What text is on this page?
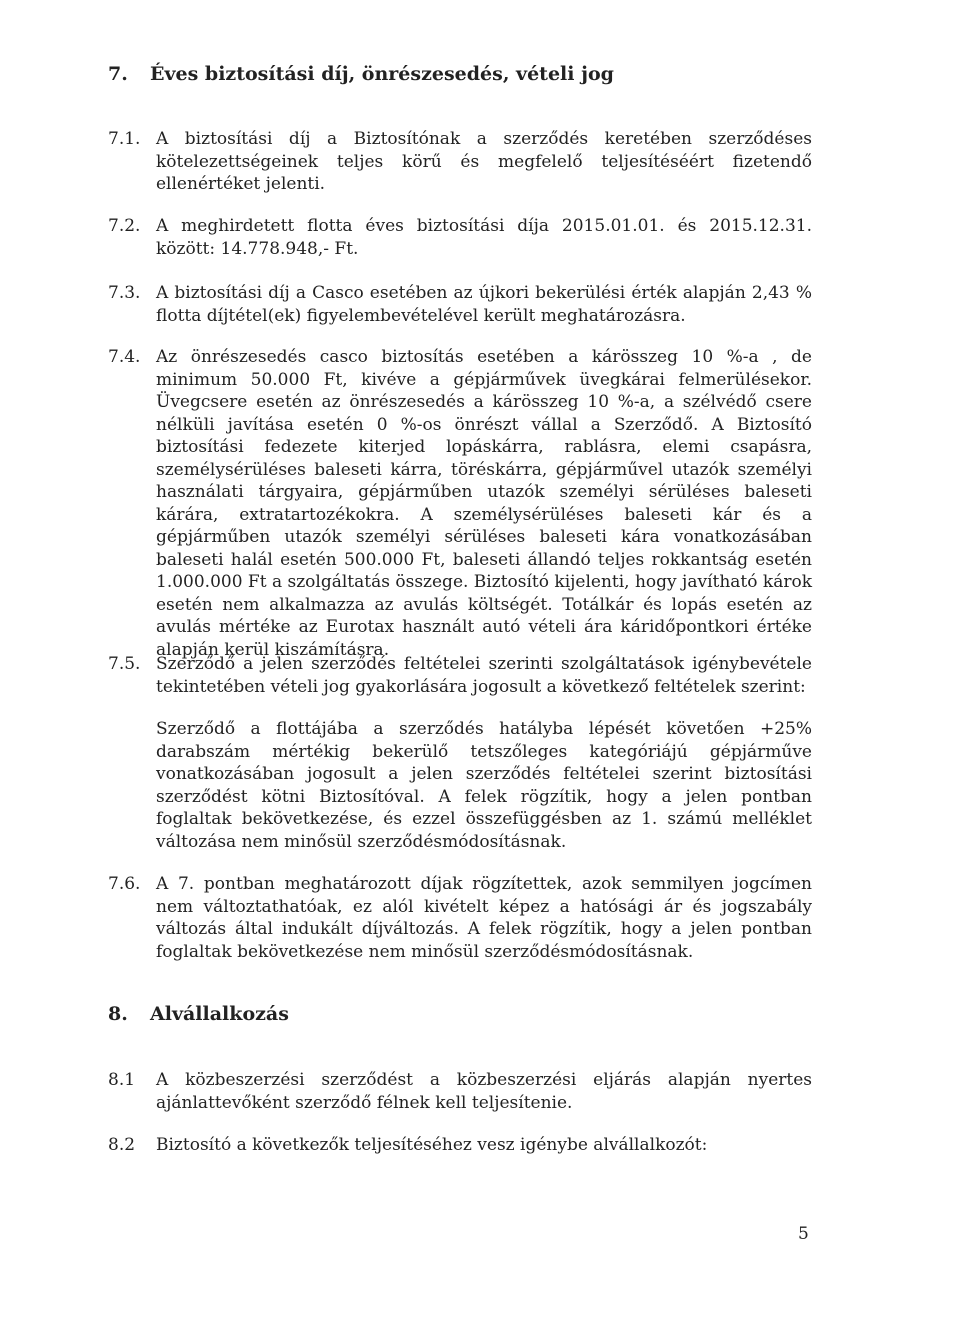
7. Éves biztosítási díj, önrészesedés, vételi jog
7.1. A biztosítási díj a Biztosítónak a szerződés keretében szerződéses kötelezettségeinek teljes körű és megfelelő teljesítéséért fizetendő ellenértéket jelenti.

7.2. A meghirdetett flotta éves biztosítási díja 2015.01.01. és 2015.12.31. között: 14.778.948,- Ft.

7.3. A biztosítási díj a Casco esetében az újkori bekerülési érték alapján 2,43 % flotta díjtétel(ek) figyelembevételével került meghatározásra.

7.4. Az önrészesedés casco biztosítás esetében a kárösszeg 10 %-a , de minimum 50.000 Ft, kivéve a gépjárművek üvegkárai felmerülésekor. Üvegcsere esetén az önrészesedés a kárösszeg 10 %-a, a szélvédő csere nélküli javítása esetén 0 %-os önrészt vállal a Szerződő. A Biztosító biztosítási fedezete kiterjed lopáskárra, rablásra, elemi csapásra, személysérüléses baleseti kárra, töréskárra, gépjárművel utazók személyi használati tárgyaira, gépjárműben utazók személyi sérüléses baleseti kárára, extratartozékokra. A személysérüléses baleseti kár és a gépjárműben utazók személyi sérüléses baleseti kára vonatkozásában baleseti halál esetén 500.000 Ft, baleseti állandó teljes rokkantság esetén 1.000.000 Ft a szolgáltatás összege. Biztosító kijelenti, hogy javítható károk esetén nem alkalmazza az avulás költségét. Totálkár és lopás esetén az avulás mértéke az Eurotax használt autó vételi ára káridőpontkori értéke alapján kerül kiszámításra.

7.5. Szerződő a jelen szerződés feltételei szerinti szolgáltatások igénybevétele tekintetében vételi jog gyakorlására jogosult a következő feltételek szerint:

Szerződő a flottájába a szerződés hatályba lépését követően +25% darabszám mértékig bekerülő tetszőleges kategóriájú gépjárműve vonatkozásában jogosult a jelen szerződés feltételei szerint biztosítási szerződést kötni Biztosítóval. A felek rögzítik, hogy a jelen pontban foglaltak bekövetkezése, és ezzel összefüggésben az 1. számú melléklet változása nem minősül szerződésmódosításnak.

7.6. A 7. pontban meghatározott díjak rögzítettek, azok semmilyen jogcímen nem változtathatóak, ez alól kivételt képez a hatósági ár és jogszabály változás által indukált díjváltozás. A felek rögzítik, hogy a jelen pontban foglaltak bekövetkezése nem minősül szerződésmódosításnak.

8. Alvállalkozás
8.1 A közbeszerzési szerződést a közbeszerzési eljárás alapján nyertes ajánlattevőként szerződő félnek kell teljesítenie.

8.2 Biztosító a következők teljesítéséhez vesz igénybe alvállalkozót:

5
